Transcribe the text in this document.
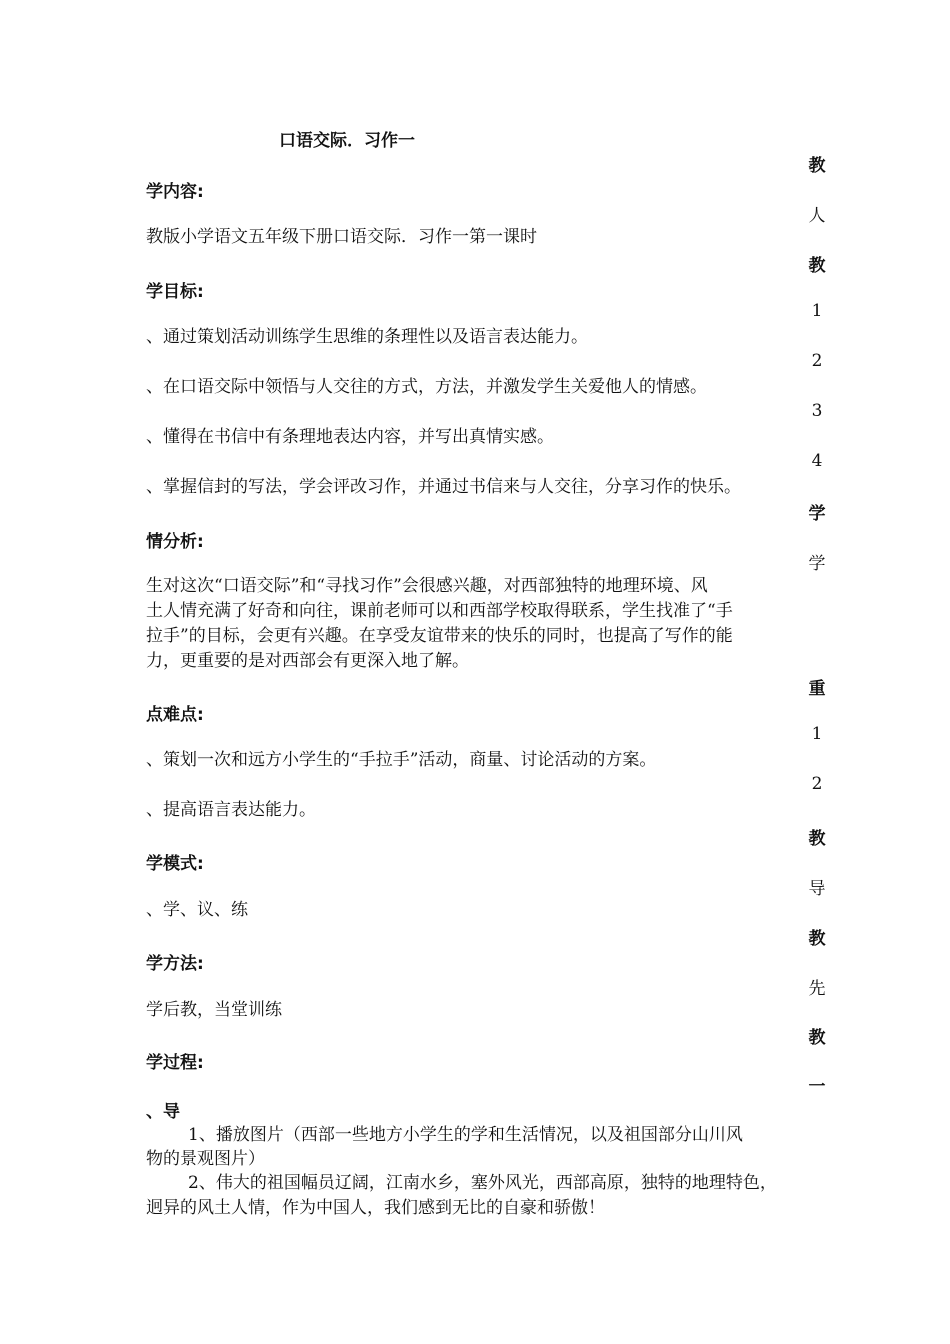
口语交际．习作一
学内容:
教版小学语文五年级下册口语交际．习作一第一课时
学目标:
、通过策划活动训练学生思维的条理性以及语言表达能力。
、在口语交际中领悟与人交往的方式，方法，并激发学生关爱他人的情感。
、懂得在书信中有条理地表达内容，并写出真情实感。
、掌握信封的写法，学会评改习作，并通过书信来与人交往，分享习作的快乐。
情分析:
生对这次“口语交际”和“寻找习作”会很感兴趣，对西部独特的地理环境、风
土人情充满了好奇和向往，课前老师可以和西部学校取得联系，学生找准了“手
拉手”的目标，会更有兴趣。在享受友谊带来的快乐的同时，也提高了写作的能
力，更重要的是对西部会有更深入地了解。
点难点:
、策划一次和远方小学生的“手拉手”活动，商量、讨论活动的方案。
、提高语言表达能力。
学模式:
、学、议、练
学方法:
学后教，当堂训练
学过程:
、导
1、播放图片（西部一些地方小学生的学和生活情况，以及祖国部分山川风
物的景观图片）
2、伟大的祖国幅员辽阔，江南水乡，塞外风光，西部高原，独特的地理特色，
迥异的风土人情，作为中国人，我们感到无比的自豪和骄傲！
教
人
教
1
2
3
4
学
学
重
1
2
教
导
教
先
教
一
